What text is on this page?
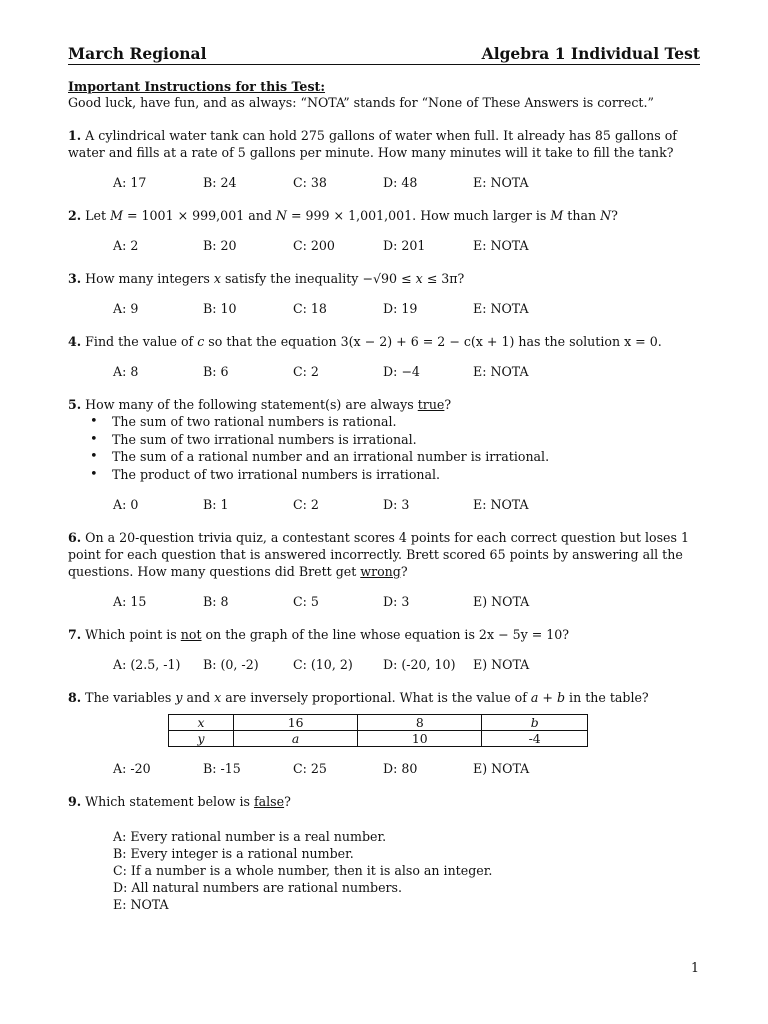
March Regional	Algebra 1 Individual Test
Important Instructions for this Test:
Good luck, have fun, and as always: “NOTA” stands for “None of These Answers is correct.”
1. A cylindrical water tank can hold 275 gallons of water when full. It already has 85 gallons of water and fills at a rate of 5 gallons per minute. How many minutes will it take to fill the tank?
A: 17	B: 24	C: 38	D: 48	E: NOTA
2. Let M = 1001 × 999,001 and N = 999 × 1,001,001. How much larger is M than N?
A: 2	B: 20	C: 200	D: 201	E: NOTA
3. How many integers x satisfy the inequality −√90 ≤ x ≤ 3π?
A: 9	B: 10	C: 18	D: 19	E: NOTA
4. Find the value of c so that the equation 3(x − 2) + 6 = 2 − c(x + 1) has the solution x = 0.
A: 8	B: 6	C: 2	D: −4	E: NOTA
5. How many of the following statement(s) are always true?
• The sum of two rational numbers is rational.
• The sum of two irrational numbers is irrational.
• The sum of a rational number and an irrational number is irrational.
• The product of two irrational numbers is irrational.
A: 0	B: 1	C: 2	D: 3	E: NOTA
6. On a 20-question trivia quiz, a contestant scores 4 points for each correct question but loses 1 point for each question that is answered incorrectly. Brett scored 65 points by answering all the questions. How many questions did Brett get wrong?
A: 15	B: 8	C: 5	D: 3	E) NOTA
7. Which point is not on the graph of the line whose equation is 2x − 5y = 10?
A: (2.5, -1)	B: (0, -2)	C: (10, 2)	D: (-20, 10)	E) NOTA
8. The variables y and x are inversely proportional. What is the value of a + b in the table?
x	16	8	b
y	a	10	-4
A: -20	B: -15	C: 25	D: 80	E) NOTA
9. Which statement below is false?
A: Every rational number is a real number.
B: Every integer is a rational number.
C: If a number is a whole number, then it is also an integer.
D: All natural numbers are rational numbers.
E: NOTA
1
